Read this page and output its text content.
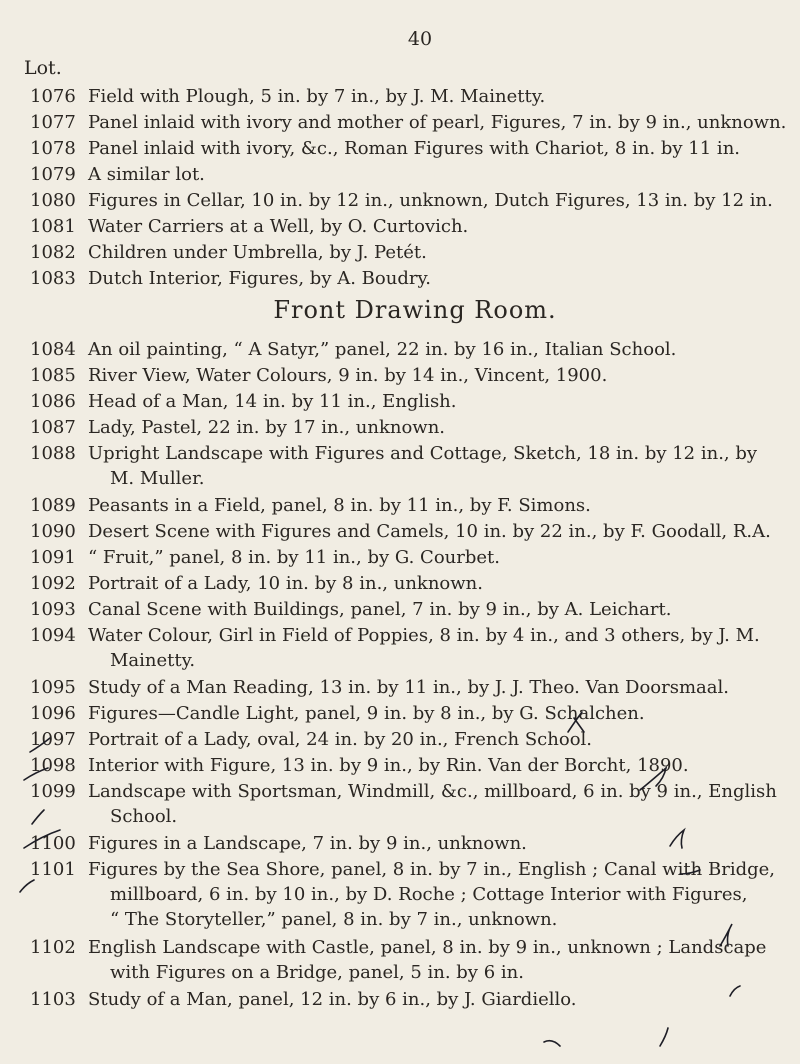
40
Lot.
1076 Field with Plough, 5 in. by 7 in., by J. M. Mainetty.
1077 Panel inlaid with ivory and mother of pearl, Figures, 7 in. by 9 in., unknown.
1078 Panel inlaid with ivory, &c., Roman Figures with Chariot, 8 in. by 11 in.
1079 A similar lot.
1080 Figures in Cellar, 10 in. by 12 in., unknown, Dutch Figures, 13 in. by 12 in.
1081 Water Carriers at a Well, by O. Curtovich.
1082 Children under Umbrella, by J. Petét.
1083 Dutch Interior, Figures, by A. Boudry.
Front Drawing Room.
1084 An oil painting, “ A Satyr,” panel, 22 in. by 16 in., Italian School.
1085 River View, Water Colours, 9 in. by 14 in., Vincent, 1900.
1086 Head of a Man, 14 in. by 11 in., English.
1087 Lady, Pastel, 22 in. by 17 in., unknown.
1088 Upright Landscape with Figures and Cottage, Sketch, 18 in. by 12 in., by
M. Muller.
1089 Peasants in a Field, panel, 8 in. by 11 in., by F. Simons.
1090 Desert Scene with Figures and Camels, 10 in. by 22 in., by F. Goodall, R.A.
1091 “ Fruit,” panel, 8 in. by 11 in., by G. Courbet.
1092 Portrait of a Lady, 10 in. by 8 in., unknown.
1093 Canal Scene with Buildings, panel, 7 in. by 9 in., by A. Leichart.
1094 Water Colour, Girl in Field of Poppies, 8 in. by 4 in., and 3 others, by J. M.
Mainetty.
1095 Study of a Man Reading, 13 in. by 11 in., by J. J. Theo. Van Doorsmaal.
1096 Figures—Candle Light, panel, 9 in. by 8 in., by G. Schalchen.
1097 Portrait of a Lady, oval, 24 in. by 20 in., French School.
1098 Interior with Figure, 13 in. by 9 in., by Rin. Van der Borcht, 1890.
1099 Landscape with Sportsman, Windmill, &c., millboard, 6 in. by 9 in., English
School.
1100 Figures in a Landscape, 7 in. by 9 in., unknown.
1101 Figures by the Sea Shore, panel, 8 in. by 7 in., English ; Canal with Bridge,
millboard, 6 in. by 10 in., by D. Roche ; Cottage Interior with Figures,
“ The Storyteller,” panel, 8 in. by 7 in., unknown.
1102 English Landscape with Castle, panel, 8 in. by 9 in., unknown ; Landscape
with Figures on a Bridge, panel, 5 in. by 6 in.
1103 Study of a Man, panel, 12 in. by 6 in., by J. Giardiello.
